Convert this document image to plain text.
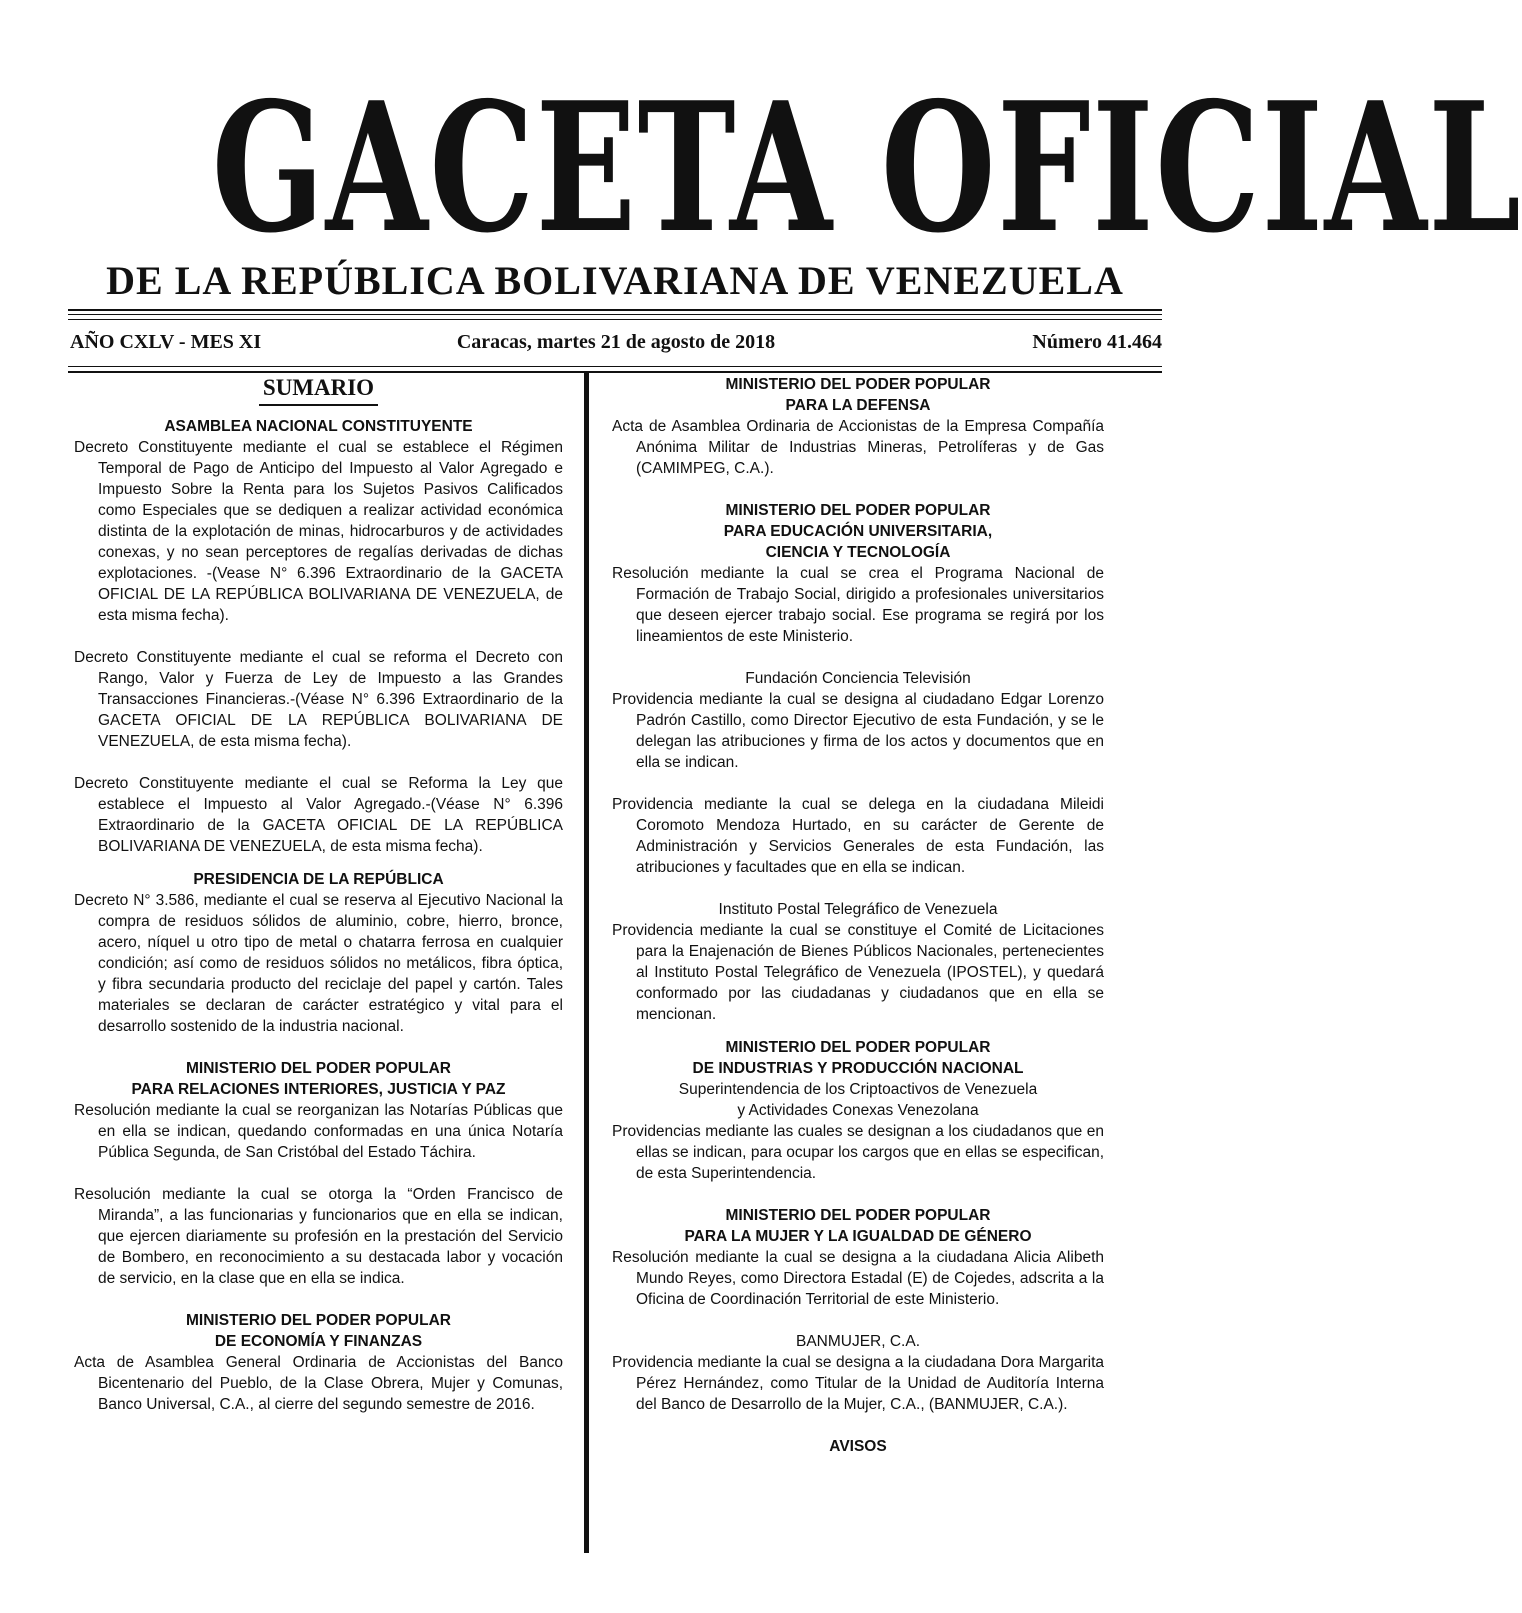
GACETA OFICIAL
DE LA REPÚBLICA BOLIVARIANA DE VENEZUELA
Caracas, martes 21 de agosto de 2018
AÑO CXLV - MES XI	Número 41.464
SUMARIO

ASAMBLEA NACIONAL CONSTITUYENTE

Decreto Constituyente mediante el cual se establece el Régimen Temporal de Pago de Anticipo del Impuesto al Valor Agregado e Impuesto Sobre la Renta para los Sujetos Pasivos Calificados como Especiales que se dediquen a realizar actividad económica distinta de la explotación de minas, hidrocarburos y de actividades conexas, y no sean perceptores de regalías derivadas de dichas explotaciones. -(Vease N° 6.396 Extraordinario de la GACETA OFICIAL DE LA REPÚBLICA BOLIVARIANA DE VENEZUELA, de esta misma fecha).

Decreto Constituyente mediante el cual se reforma el Decreto con Rango, Valor y Fuerza de Ley de Impuesto a las Grandes Transacciones Financieras.-(Véase N° 6.396 Extraordinario de la GACETA OFICIAL DE LA REPÚBLICA BOLIVARIANA DE VENEZUELA, de esta misma fecha).

Decreto Constituyente mediante el cual se Reforma la Ley que establece el Impuesto al Valor Agregado.-(Véase N° 6.396 Extraordinario de la GACETA OFICIAL DE LA REPÚBLICA BOLIVARIANA DE VENEZUELA, de esta misma fecha).

PRESIDENCIA DE LA REPÚBLICA

Decreto N° 3.586, mediante el cual se reserva al Ejecutivo Nacional la compra de residuos sólidos de aluminio, cobre, hierro, bronce, acero, níquel u otro tipo de metal o chatarra ferrosa en cualquier condición; así como de residuos sólidos no metálicos, fibra óptica, y fibra secundaria producto del reciclaje del papel y cartón. Tales materiales se declaran de carácter estratégico y vital para el desarrollo sostenido de la industria nacional.

MINISTERIO DEL PODER POPULAR

PARA RELACIONES INTERIORES, JUSTICIA Y PAZ

Resolución mediante la cual se reorganizan las Notarías Públicas que en ella se indican, quedando conformadas en una única Notaría Pública Segunda, de San Cristóbal del Estado Táchira.

Resolución mediante la cual se otorga la “Orden Francisco de Miranda”, a las funcionarias y funcionarios que en ella se indican, que ejercen diariamente su profesión en la prestación del Servicio de Bombero, en reconocimiento a su destacada labor y vocación de servicio, en la clase que en ella se indica.

MINISTERIO DEL PODER POPULAR

DE ECONOMÍA Y FINANZAS

Acta de Asamblea General Ordinaria de Accionistas del Banco Bicentenario del Pueblo, de la Clase Obrera, Mujer y Comunas, Banco Universal, C.A., al cierre del segundo semestre de 2016.

MINISTERIO DEL PODER POPULAR

PARA LA DEFENSA

Acta de Asamblea Ordinaria de Accionistas de la Empresa Compañía Anónima Militar de Industrias Mineras, Petrolíferas y de Gas (CAMIMPEG, C.A.).

MINISTERIO DEL PODER POPULAR

PARA EDUCACIÓN UNIVERSITARIA,

CIENCIA Y TECNOLOGÍA

Resolución mediante la cual se crea el Programa Nacional de Formación de Trabajo Social, dirigido a profesionales universitarios que deseen ejercer trabajo social. Ese programa se regirá por los lineamientos de este Ministerio.

Fundación Conciencia Televisión

Providencia mediante la cual se designa al ciudadano Edgar Lorenzo Padrón Castillo, como Director Ejecutivo de esta Fundación, y se le delegan las atribuciones y firma de los actos y documentos que en ella se indican.

Providencia mediante la cual se delega en la ciudadana Mileidi Coromoto Mendoza Hurtado, en su carácter de Gerente de Administración y Servicios Generales de esta Fundación, las atribuciones y facultades que en ella se indican.

Instituto Postal Telegráfico de Venezuela

Providencia mediante la cual se constituye el Comité de Licitaciones para la Enajenación de Bienes Públicos Nacionales, pertenecientes al Instituto Postal Telegráfico de Venezuela (IPOSTEL), y quedará conformado por las ciudadanas y ciudadanos que en ella se mencionan.

MINISTERIO DEL PODER POPULAR

DE INDUSTRIAS Y PRODUCCIÓN NACIONAL

Superintendencia de los Criptoactivos de Venezuela

y Actividades Conexas Venezolana

Providencias mediante las cuales se designan a los ciudadanos que en ellas se indican, para ocupar los cargos que en ellas se especifican, de esta Superintendencia.

MINISTERIO DEL PODER POPULAR

PARA LA MUJER Y LA IGUALDAD DE GÉNERO

Resolución mediante la cual se designa a la ciudadana Alicia Alibeth Mundo Reyes, como Directora Estadal (E) de Cojedes, adscrita a la Oficina de Coordinación Territorial de este Ministerio.

BANMUJER, C.A.

Providencia mediante la cual se designa a la ciudadana Dora Margarita Pérez Hernández, como Titular de la Unidad de Auditoría Interna del Banco de Desarrollo de la Mujer, C.A., (BANMUJER, C.A.).

AVISOS
